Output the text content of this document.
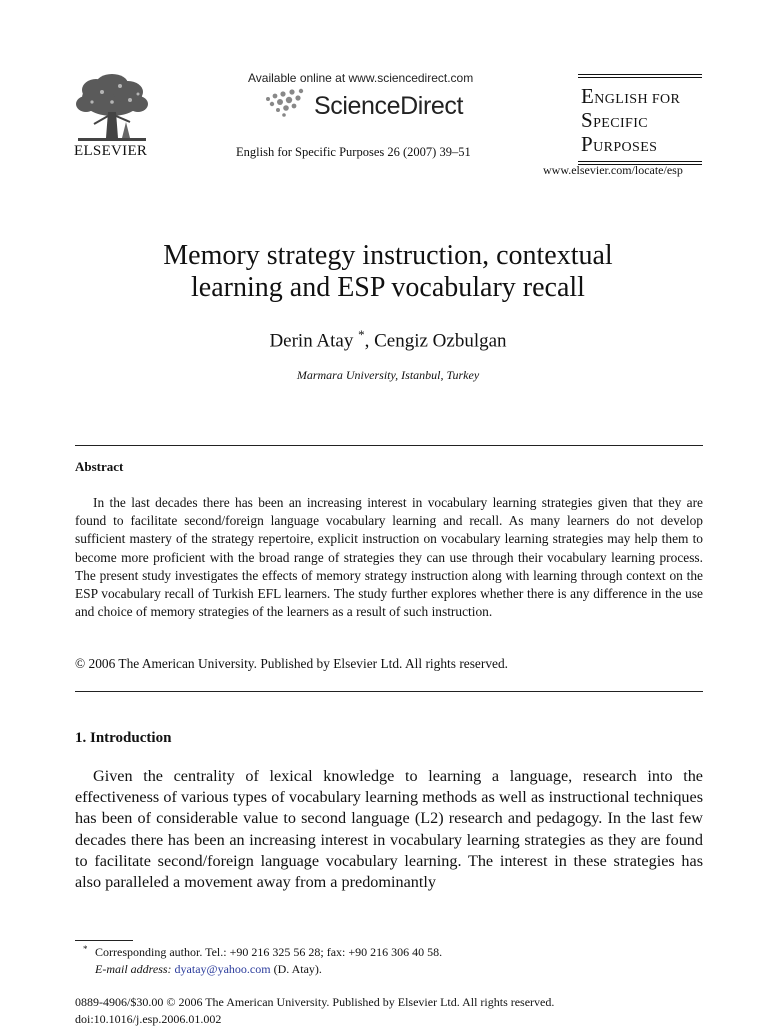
ELSEVIER
Available online at www.sciencedirect.com
ScienceDirect
English for Specific Purposes 26 (2007) 39–51
ENGLISH FOR
SPECIFIC
PURPOSES
www.elsevier.com/locate/esp
Memory strategy instruction, contextual
learning and ESP vocabulary recall
Derin Atay *, Cengiz Ozbulgan
Marmara University, Istanbul, Turkey
Abstract

In the last decades there has been an increasing interest in vocabulary learning strategies given that they are found to facilitate second/foreign language vocabulary learning and recall. As many learners do not develop sufficient mastery of the strategy repertoire, explicit instruction on vocabulary learning strategies may help them to become more proficient with the broad range of strategies they can use through their vocabulary learning process. The present study investigates the effects of memory strategy instruction along with learning through context on the ESP vocabulary recall of Turkish EFL learners. The study further explores whether there is any difference in the use and choice of memory strategies of the learners as a result of such instruction.

© 2006 The American University. Published by Elsevier Ltd. All rights reserved.
1. Introduction

Given the centrality of lexical knowledge to learning a language, research into the effectiveness of various types of vocabulary learning methods as well as instructional techniques has been of considerable value to second language (L2) research and pedagogy. In the last few decades there has been an increasing interest in vocabulary learning strategies as they are found to facilitate second/foreign language vocabulary learning. The interest in these strategies has also paralleled a movement away from a predominantly

* Corresponding author. Tel.: +90 216 325 56 28; fax: +90 216 306 40 58.
E-mail address: dyatay@yahoo.com (D. Atay).
0889-4906/$30.00 © 2006 The American University. Published by Elsevier Ltd. All rights reserved.
doi:10.1016/j.esp.2006.01.002
